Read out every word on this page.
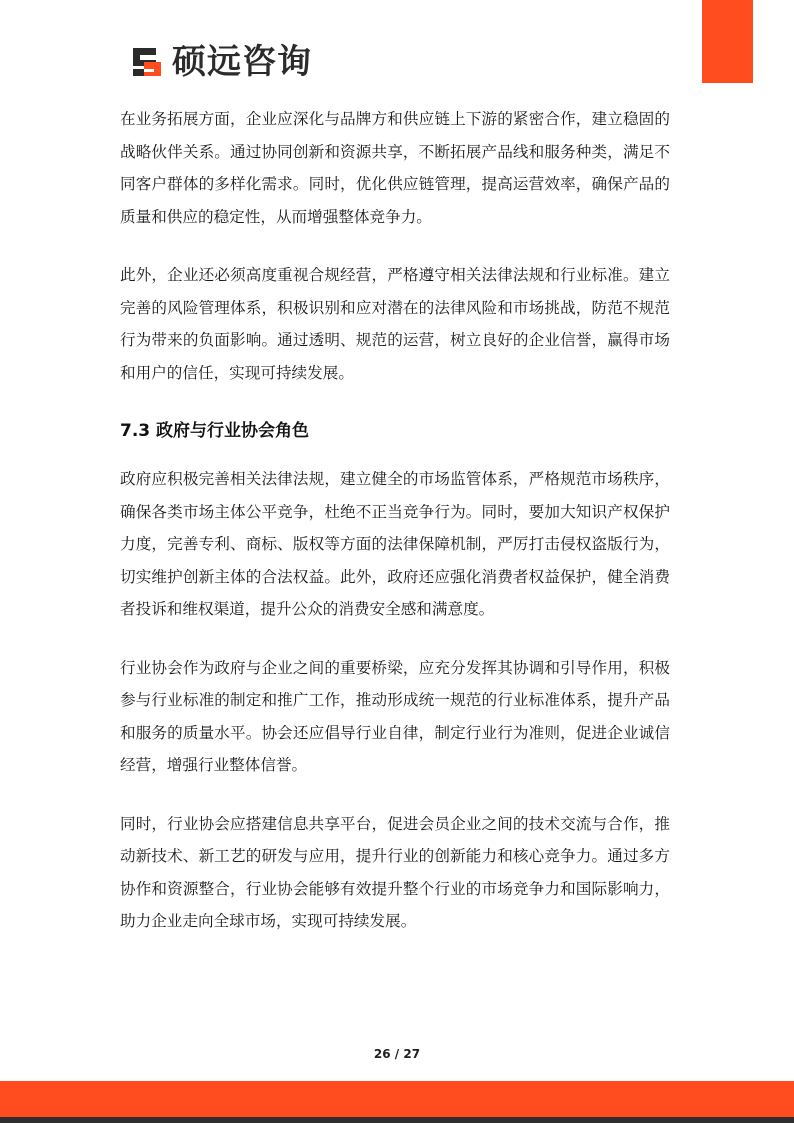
硕远咨询

在业务拓展方面，企业应深化与品牌方和供应链上下游的紧密合作，建立稳固的战略伙伴关系。通过协同创新和资源共享，不断拓展产品线和服务种类，满足不同客户群体的多样化需求。同时，优化供应链管理，提高运营效率，确保产品的质量和供应的稳定性，从而增强整体竞争力。

此外，企业还必须高度重视合规经营，严格遵守相关法律法规和行业标准。建立完善的风险管理体系，积极识别和应对潜在的法律风险和市场挑战，防范不规范行为带来的负面影响。通过透明、规范的运营，树立良好的企业信誉，赢得市场和用户的信任，实现可持续发展。

7.3 政府与行业协会角色

政府应积极完善相关法律法规，建立健全的市场监管体系，严格规范市场秩序，确保各类市场主体公平竞争，杜绝不正当竞争行为。同时，要加大知识产权保护力度，完善专利、商标、版权等方面的法律保障机制，严厉打击侵权盗版行为，切实维护创新主体的合法权益。此外，政府还应强化消费者权益保护，健全消费者投诉和维权渠道，提升公众的消费安全感和满意度。

行业协会作为政府与企业之间的重要桥梁，应充分发挥其协调和引导作用，积极参与行业标准的制定和推广工作，推动形成统一规范的行业标准体系，提升产品和服务的质量水平。协会还应倡导行业自律，制定行业行为准则，促进企业诚信经营，增强行业整体信誉。

同时，行业协会应搭建信息共享平台，促进会员企业之间的技术交流与合作，推动新技术、新工艺的研发与应用，提升行业的创新能力和核心竞争力。通过多方协作和资源整合，行业协会能够有效提升整个行业的市场竞争力和国际影响力，助力企业走向全球市场，实现可持续发展。

26 / 27
